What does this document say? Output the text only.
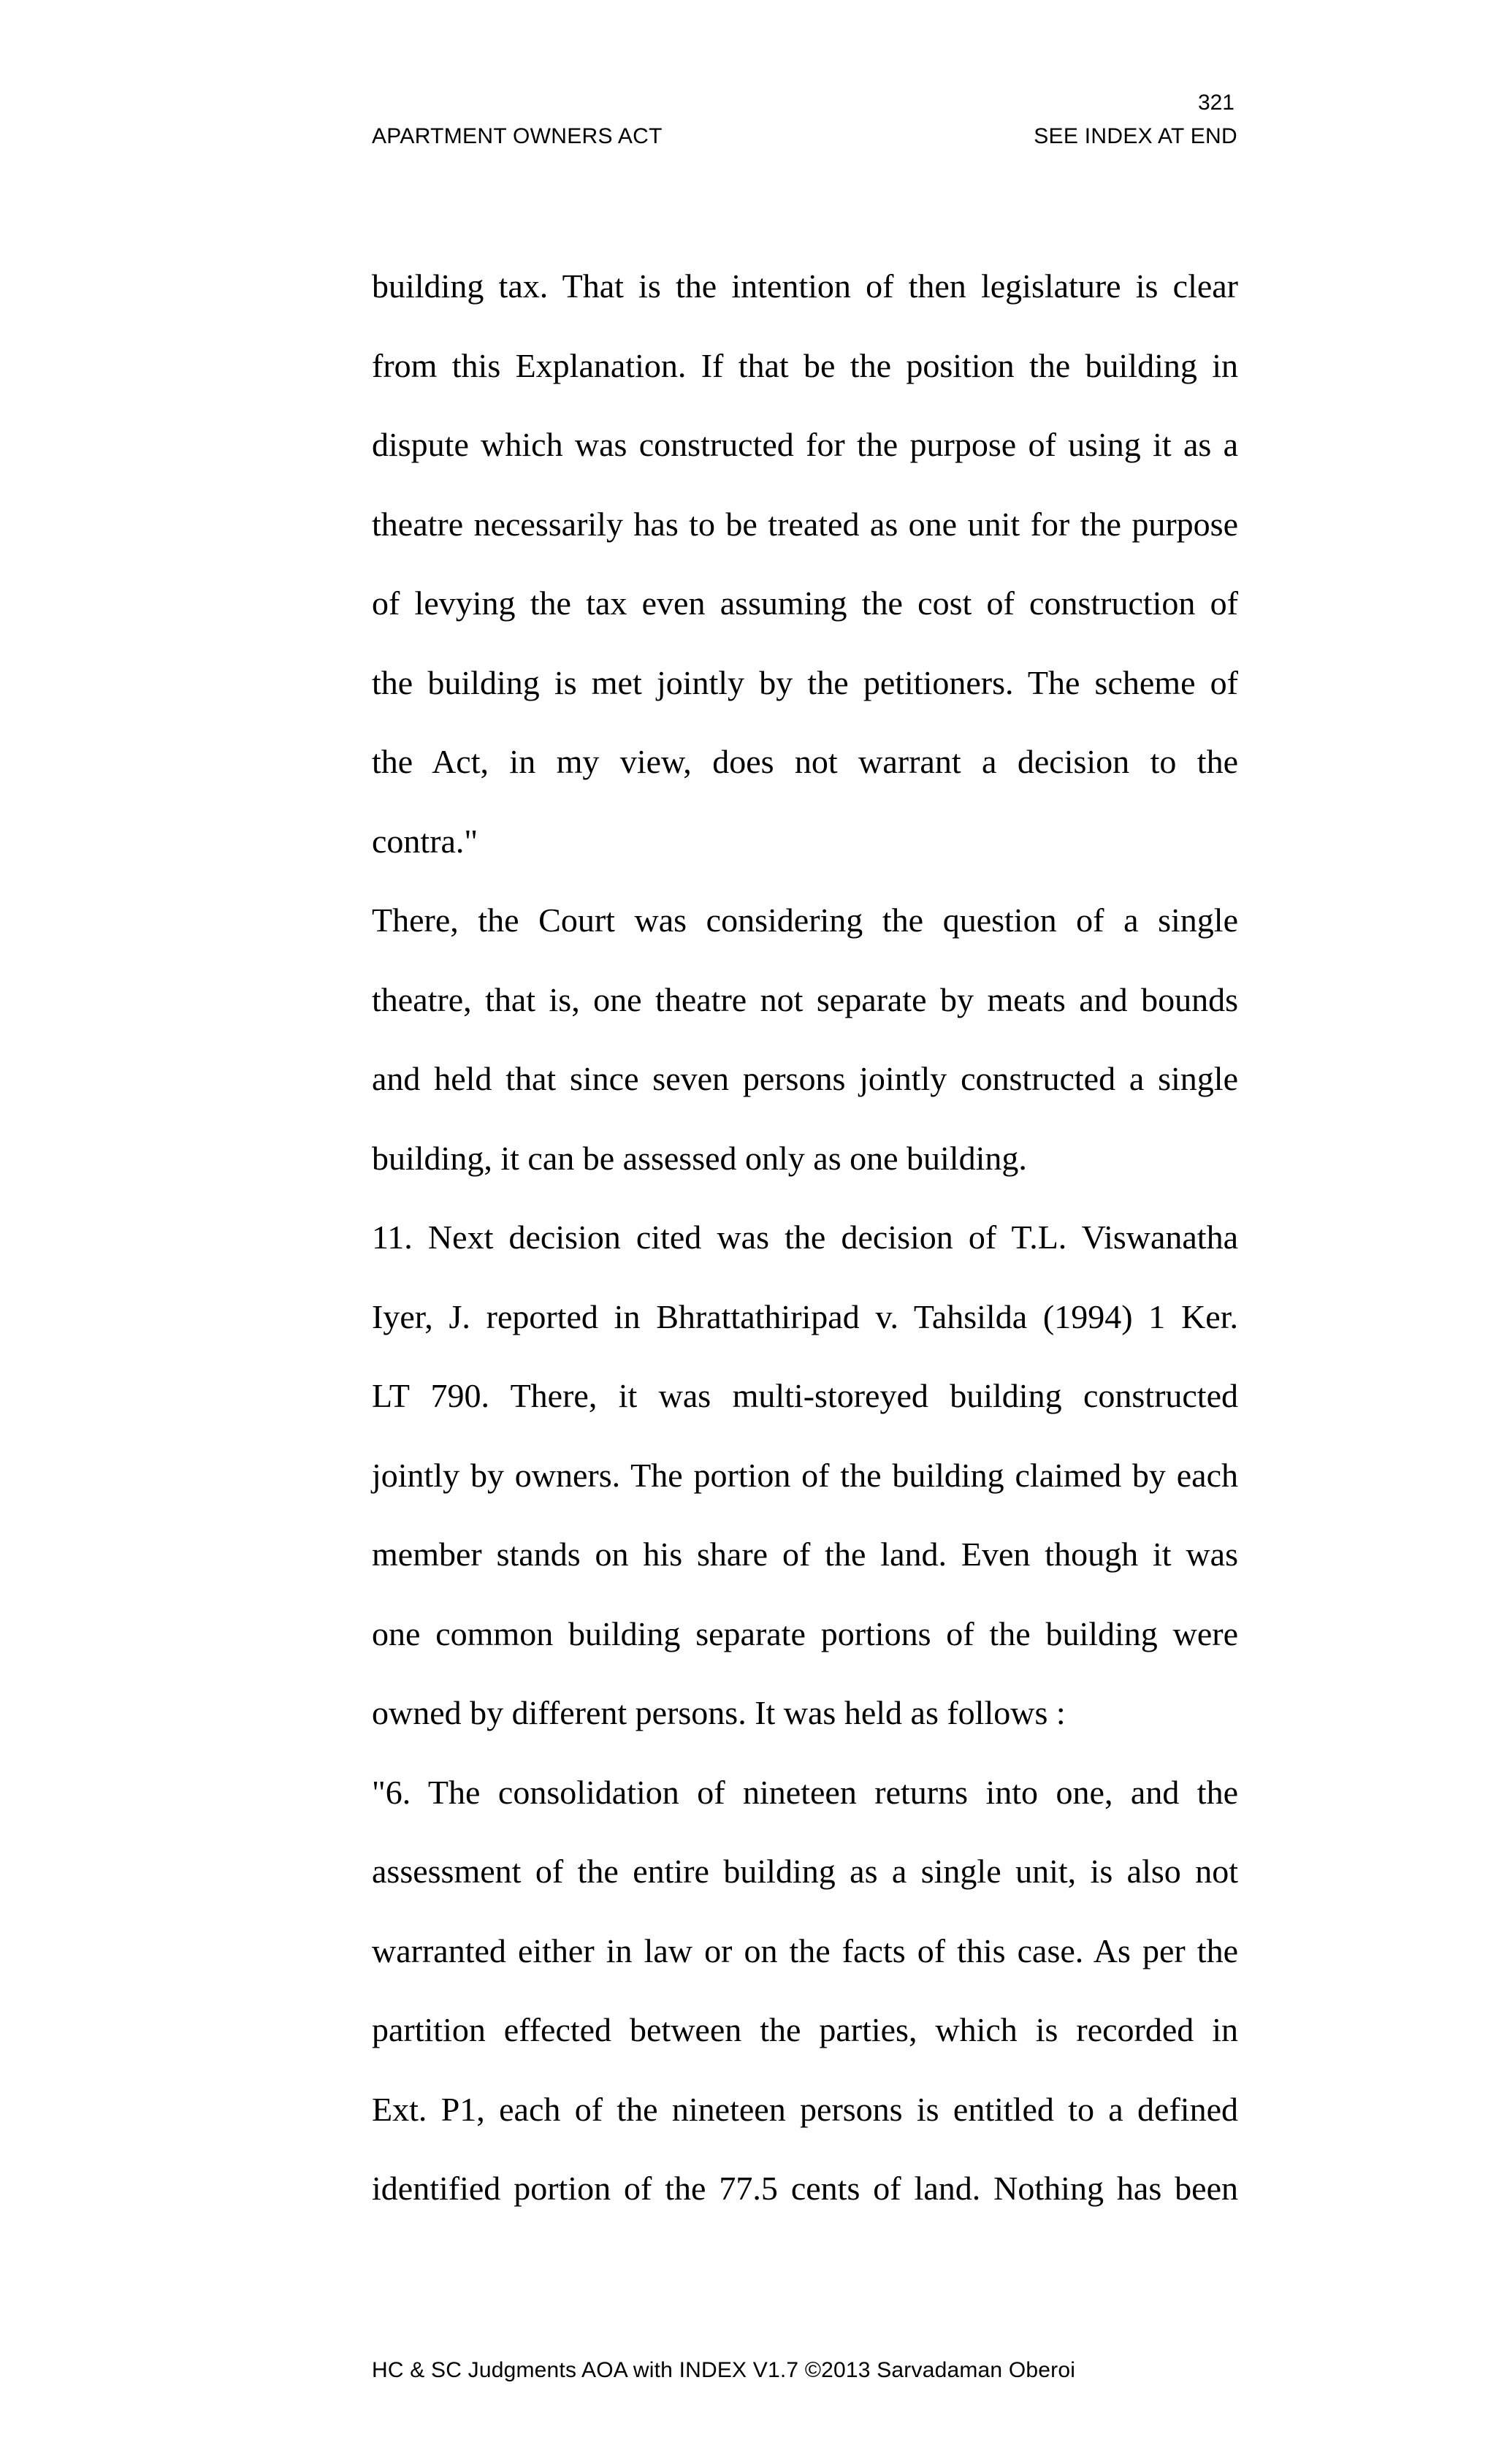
321
APARTMENT OWNERS ACT	SEE INDEX AT END
building tax. That is the intention of then legislature is clear
from this Explanation. If that be the position the building in
dispute which was constructed for the purpose of using it as a
theatre necessarily has to be treated as one unit for the purpose
of levying the tax even assuming the cost of construction of
the building is met jointly by the petitioners. The scheme of
the Act, in my view, does not warrant a decision to the
contra."
There, the Court was considering the question of a single
theatre, that is, one theatre not separate by meats and bounds
and held that since seven persons jointly constructed a single
building, it can be assessed only as one building.
11. Next decision cited was the decision of T.L. Viswanatha
Iyer, J. reported in Bhrattathiripad v. Tahsilda (1994) 1 Ker.
LT 790. There, it was multi-storeyed building constructed
jointly by owners. The portion of the building claimed by each
member stands on his share of the land. Even though it was
one common building separate portions of the building were
owned by different persons. It was held as follows :
"6. The consolidation of nineteen returns into one, and the
assessment of the entire building as a single unit, is also not
warranted either in law or on the facts of this case. As per the
partition effected between the parties, which is recorded in
Ext. P1, each of the nineteen persons is entitled to a defined
identified portion of the 77.5 cents of land. Nothing has been
HC & SC Judgments AOA with INDEX V1.7 ©2013 Sarvadaman Oberoi
